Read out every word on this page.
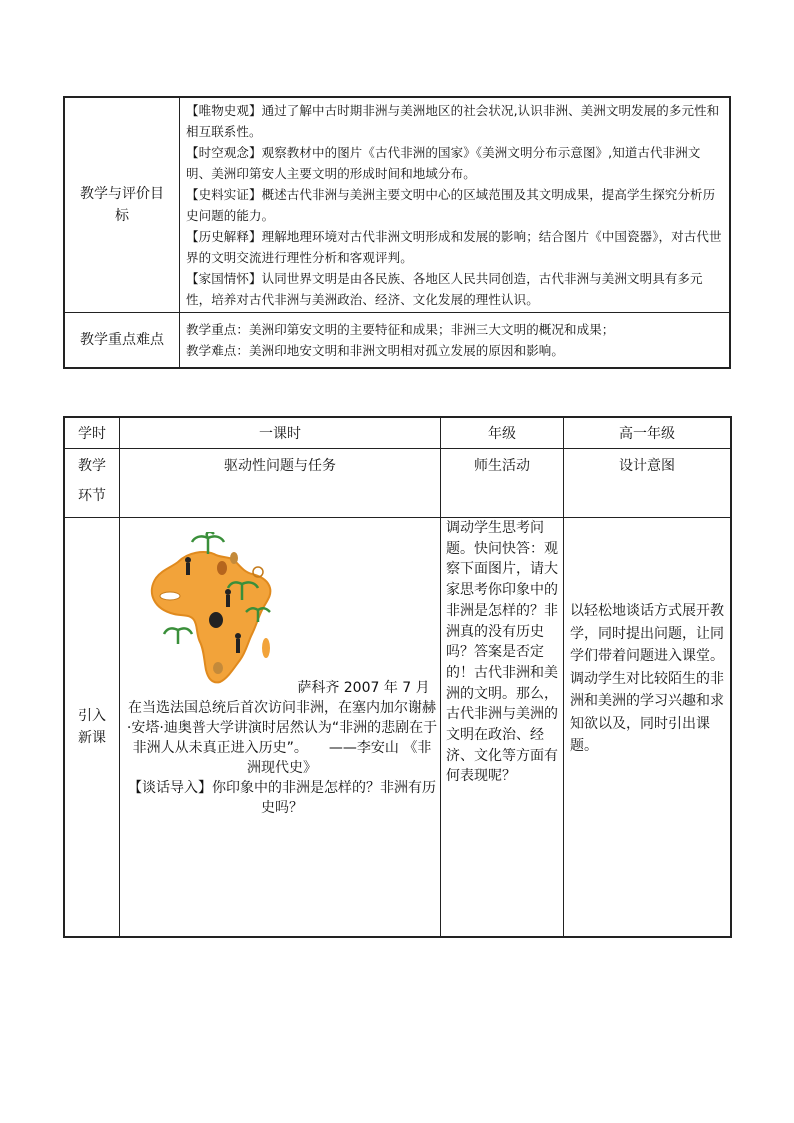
教学与评价目标	【唯物史观】通过了解中古时期非洲与美洲地区的社会状况,认识非洲、美洲文明发展的多元性和相互联系性。
【时空观念】观察教材中的图片《古代非洲的国家》《美洲文明分布示意图》,知道古代非洲文明、美洲印第安人主要文明的形成时间和地域分布。
【史料实证】概述古代非洲与美洲主要文明中心的区域范围及其文明成果，提高学生探究分析历史问题的能力。
【历史解释】理解地理环境对古代非洲文明形成和发展的影响；结合图片《中国瓷器》，对古代世界的文明交流进行理性分析和客观评判。
【家国情怀】认同世界文明是由各民族、各地区人民共同创造，古代非洲与美洲文明具有多元性，培养对古代非洲与美洲政治、经济、文化发展的理性认识。

教学重点难点	教学重点：美洲印第安文明的主要特征和成果；非洲三大文明的概况和成果；
教学难点：美洲印地安文明和非洲文明相对孤立发展的原因和影响。
学时	一课时	年级	高一年级
教学环节	驱动性问题与任务	师生活动	设计意图
引入新课	萨科齐 2007 年 7 月
在当选法国总统后首次访问非洲，在塞内加尔谢赫·安塔·迪奥普大学讲演时居然认为“非洲的悲剧在于非洲人从未真正进入历史”。　　——李安山 《非洲现代史》
【谈话导入】你印象中的非洲是怎样的？非洲有历史吗？	调动学生思考问题。快问快答：观察下面图片，请大家思考你印象中的非洲是怎样的？非洲真的没有历史吗？答案是否定的！古代非洲和美洲的文明。那么，古代非洲与美洲的文明在政治、经济、文化等方面有何表现呢？	以轻松地谈话方式展开教学，同时提出问题，让同学们带着问题进入课堂。调动学生对比较陌生的非洲和美洲的学习兴趣和求知欲以及，同时引出课题。
